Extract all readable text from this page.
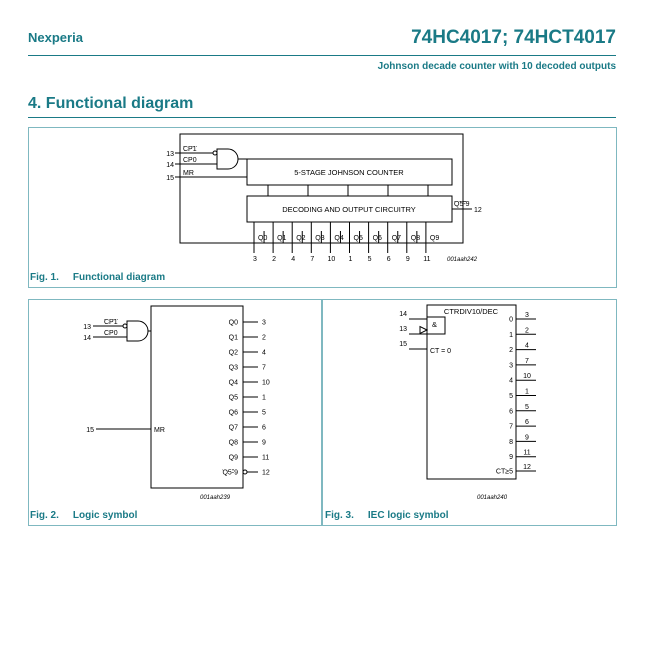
Nexperia	74HC4017; 74HCT4017
Johnson decade counter with 10 decoded outputs
4. Functional diagram
13
14
15
CP1
CP0
MR	5-STAGE JOHNSON COUNTER
DECODING AND OUTPUT CIRCUITRY
Q5-9
12
Q0
3
Q1
2
Q2
4
Q3
7
Q4
10
Q5
1
Q6
5
Q7
6
Q8
9
Q9
11	001aah242
Fig. 1. Functional diagram
13
14
CP1
CP0
15	MR
Q0	3
Q1	2
Q2	4
Q3	7
Q4	10
Q5	1
Q6	5
Q7	6
Q8	9
Q9	11
Q5-9	12
001aah239
Fig. 2. Logic symbol
CTRDIV10/DEC
&
CT = 0
14
13
15
0
3
1
2
2
4
3
7
4
10
5
1
6
5
7
6
8
9
9
11
CT≥5
12
001aah240
Fig. 3. IEC logic symbol
